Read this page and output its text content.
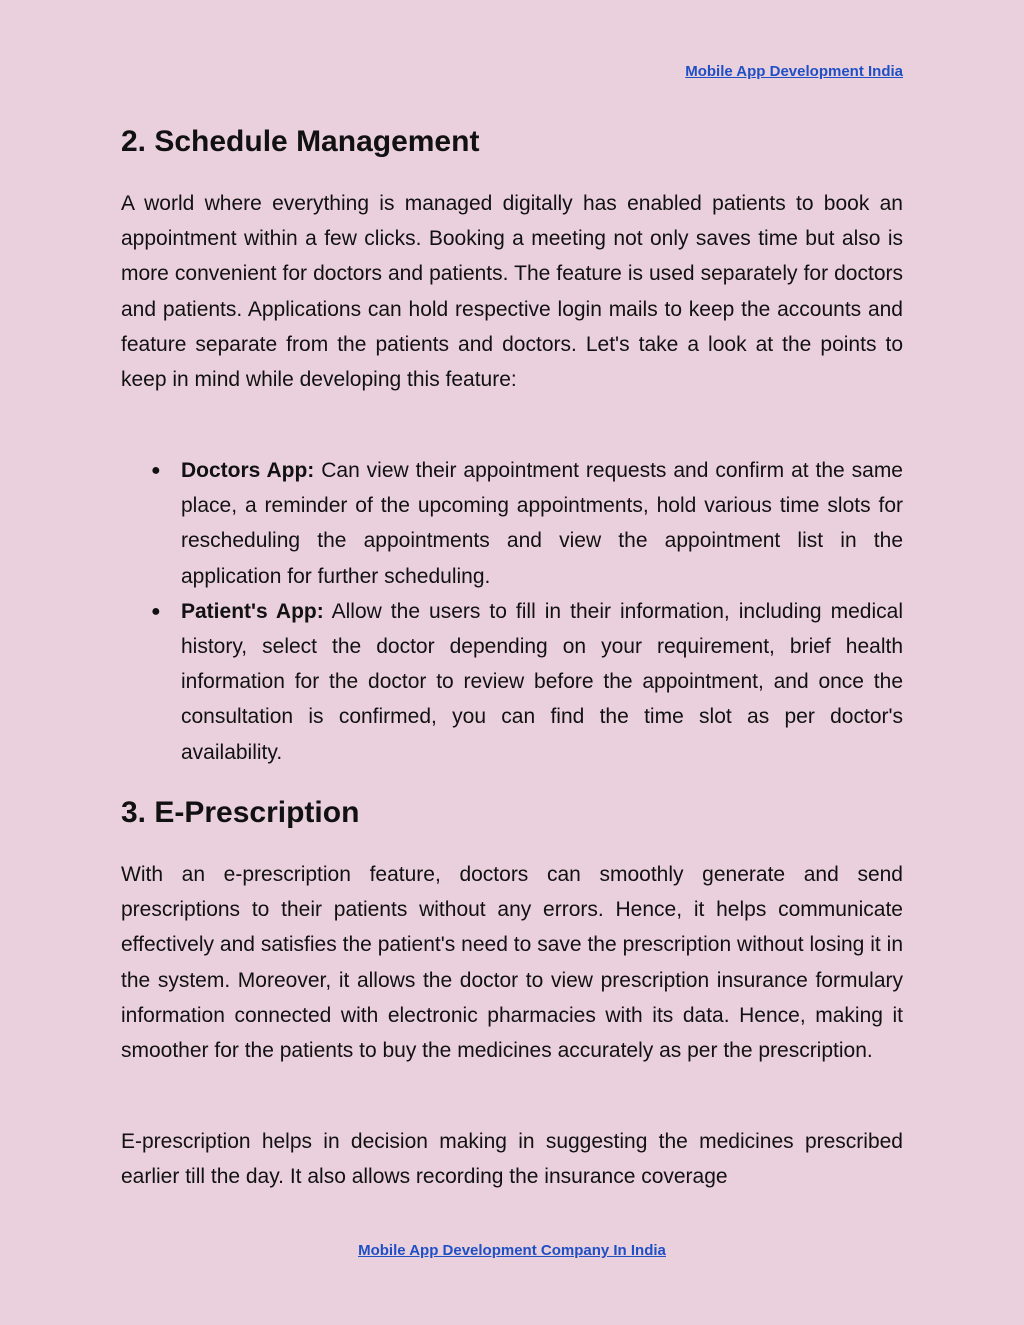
Mobile App Development India
2. Schedule Management

A world where everything is managed digitally has enabled patients to book an appointment within a few clicks. Booking a meeting not only saves time but also is more convenient for doctors and patients. The feature is used separately for doctors and patients. Applications can hold respective login mails to keep the accounts and feature separate from the patients and doctors. Let's take a look at the points to keep in mind while developing this feature:

● Doctors App: Can view their appointment requests and confirm at the same place, a reminder of the upcoming appointments, hold various time slots for rescheduling the appointments and view the appointment list in the application for further scheduling.
● Patient's App: Allow the users to fill in their information, including medical history, select the doctor depending on your requirement, brief health information for the doctor to review before the appointment, and once the consultation is confirmed, you can find the time slot as per doctor's availability.
3. E-Prescription

With an e-prescription feature, doctors can smoothly generate and send prescriptions to their patients without any errors. Hence, it helps communicate effectively and satisfies the patient's need to save the prescription without losing it in the system. Moreover, it allows the doctor to view prescription insurance formulary information connected with electronic pharmacies with its data. Hence, making it smoother for the patients to buy the medicines accurately as per the prescription.

E-prescription helps in decision making in suggesting the medicines prescribed earlier till the day. It also allows recording the insurance coverage

Mobile App Development Company In India
